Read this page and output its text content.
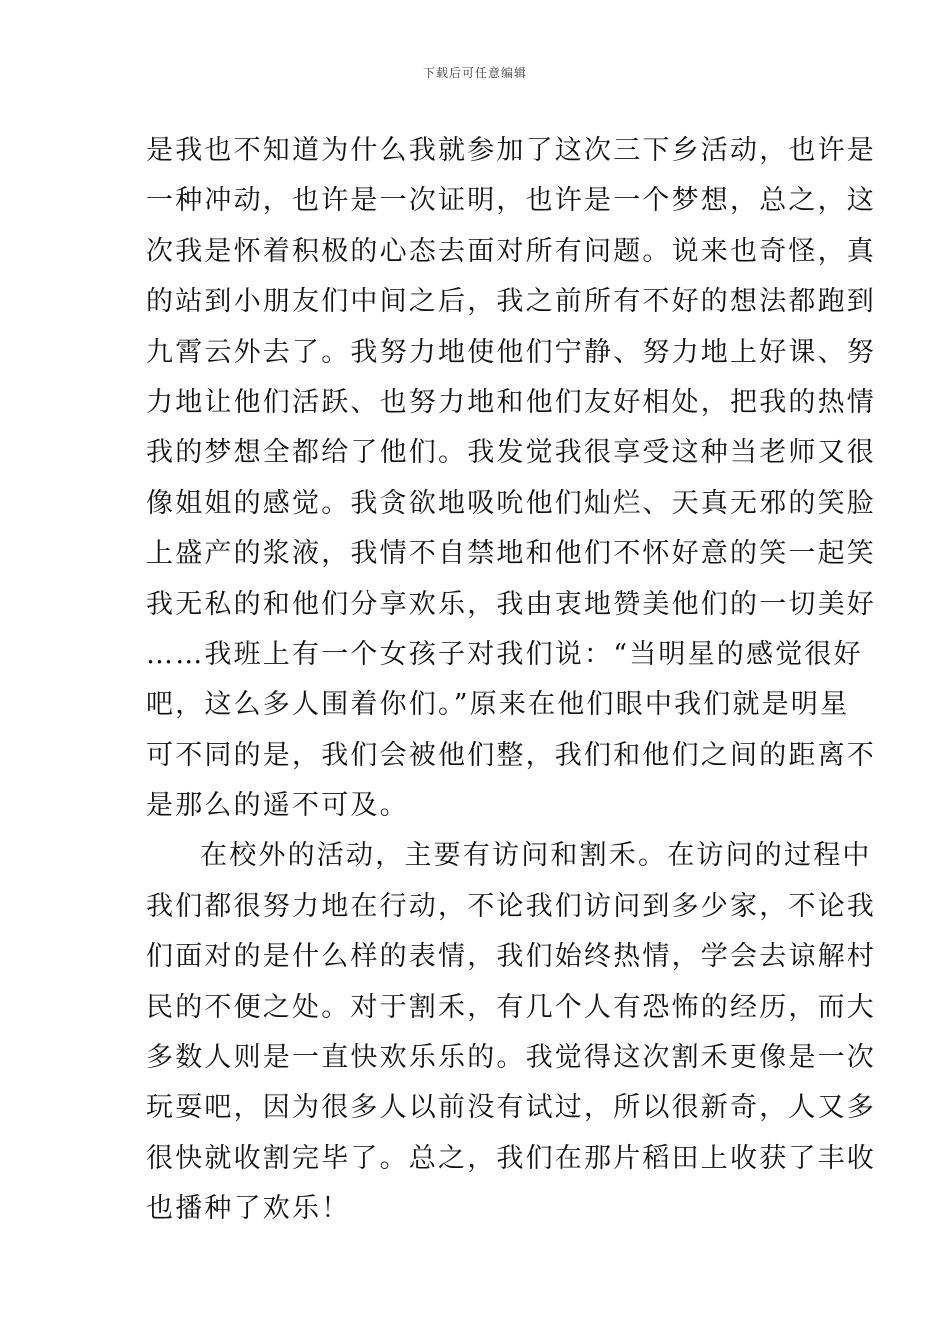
下载后可任意编辑
是我也不知道为什么我就参加了这次三下乡活动，也许是
一种冲动，也许是一次证明，也许是一个梦想，总之，这
次我是怀着积极的心态去面对所有问题。说来也奇怪，真
的站到小朋友们中间之后，我之前所有不好的想法都跑到
九霄云外去了。我努力地使他们宁静、努力地上好课、努
力地让他们活跃、也努力地和他们友好相处，把我的热情
我的梦想全都给了他们。我发觉我很享受这种当老师又很
像姐姐的感觉。我贪欲地吸吮他们灿烂、天真无邪的笑脸
上盛产的浆液，我情不自禁地和他们不怀好意的笑一起笑
我无私的和他们分享欢乐，我由衷地赞美他们的一切美好
……我班上有一个女孩子对我们说：“当明星的感觉很好
吧，这么多人围着你们。”原来在他们眼中我们就是明星
可不同的是，我们会被他们整，我们和他们之间的距离不
是那么的遥不可及。
在校外的活动，主要有访问和割禾。在访问的过程中
我们都很努力地在行动，不论我们访问到多少家，不论我
们面对的是什么样的表情，我们始终热情，学会去谅解村
民的不便之处。对于割禾，有几个人有恐怖的经历，而大
多数人则是一直快欢乐乐的。我觉得这次割禾更像是一次
玩耍吧，因为很多人以前没有试过，所以很新奇，人又多
很快就收割完毕了。总之，我们在那片稻田上收获了丰收
也播种了欢乐！
